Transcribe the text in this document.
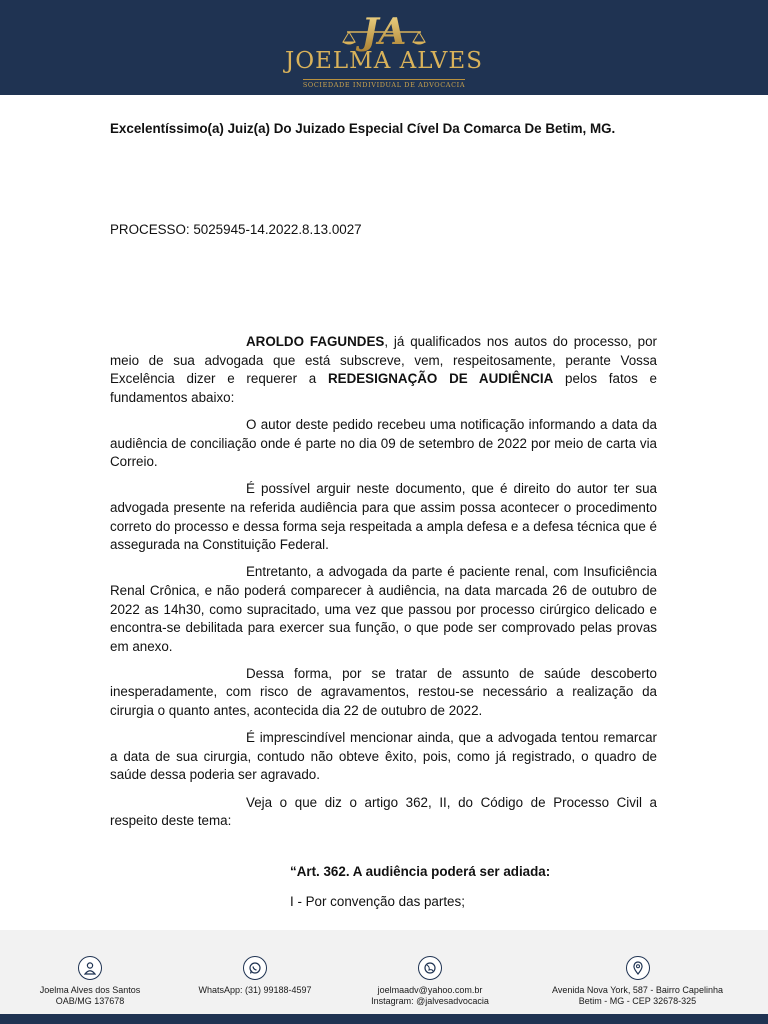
JA
JOELMA ALVES
SOCIEDADE INDIVIDUAL DE ADVOCACIA
Excelentíssimo(a) Juiz(a) Do Juizado Especial Cível Da Comarca De Betim, MG.
PROCESSO: 5025945-14.2022.8.13.0027

AROLDO FAGUNDES, já qualificados nos autos do processo, por meio de sua advogada que está subscreve, vem, respeitosamente, perante Vossa Excelência dizer e requerer a REDESIGNAÇÃO DE AUDIÊNCIA pelos fatos e fundamentos abaixo:

O autor deste pedido recebeu uma notificação informando a data da audiência de conciliação onde é parte no dia 09 de setembro de 2022 por meio de carta via Correio.

É possível arguir neste documento, que é direito do autor ter sua advogada presente na referida audiência para que assim possa acontecer o procedimento correto do processo e dessa forma seja respeitada a ampla defesa e a defesa técnica que é assegurada na Constituição Federal.

Entretanto, a advogada da parte é paciente renal, com Insuficiência Renal Crônica, e não poderá comparecer à audiência, na data marcada 26 de outubro de 2022 as 14h30, como supracitado, uma vez que passou por processo cirúrgico delicado e encontra-se debilitada para exercer sua função, o que pode ser comprovado pelas provas em anexo.

Dessa forma, por se tratar de assunto de saúde descoberto inesperadamente, com risco de agravamentos, restou-se necessário a realização da cirurgia o quanto antes, acontecida dia 22 de outubro de 2022.

É imprescindível mencionar ainda, que a advogada tentou remarcar a data de sua cirurgia, contudo não obteve êxito, pois, como já registrado, o quadro de saúde dessa poderia ser agravado.

Veja o que diz o artigo 362, II, do Código de Processo Civil a respeito deste tema:

“Art. 362. A audiência poderá ser adiada:
I - Por convenção das partes;
Joelma Alves dos Santos
OAB/MG 137678
WhatsApp: (31) 99188-4597	joelmaadv@yahoo.com.br
Instagram: @jalvesadvocacia
Avenida Nova York, 587 - Bairro Capelinha
Betim - MG - CEP 32678-325
